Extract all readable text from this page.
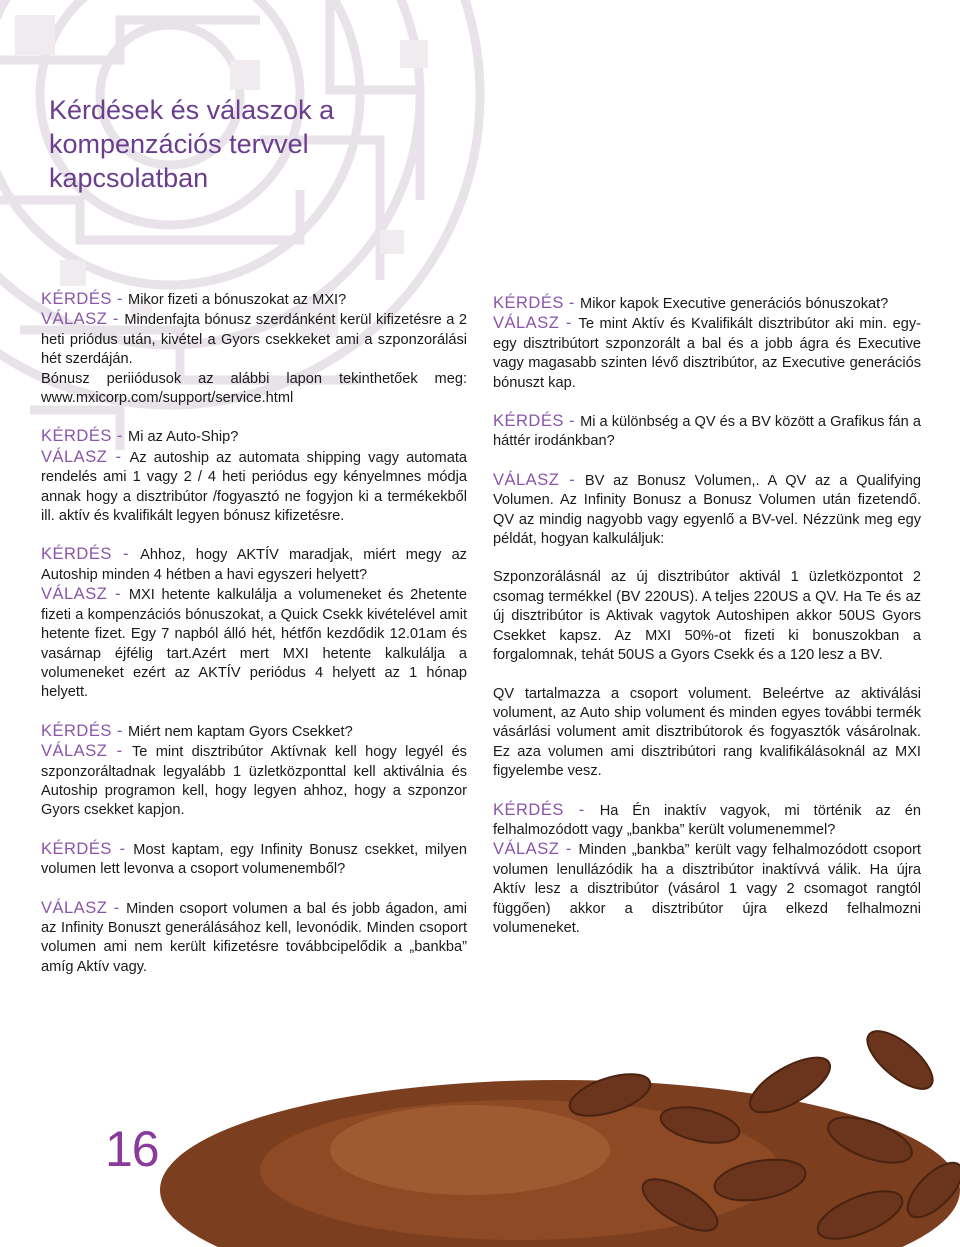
Kérdések és válaszok a
kompenzációs tervvel
kapcsolatban

KÉRDÉS - Mikor fizeti a bónuszokat az MXI?

VÁLASZ - Mindenfajta bónusz szerdánként kerül kifizetésre a 2 heti priódus után, kivétel a Gyors csekkeket ami a szponzorálási hét szerdáján.

Bónusz periiódusok az alábbi lapon tekinthetőek meg: www.mxicorp.com/support/service.html

KÉRDÉS - Mi az Auto-Ship?

VÁLASZ - Az autoship az automata shipping vagy automata rendelés ami 1 vagy 2 / 4 heti periódus egy kényelmnes módja annak hogy a disztribútor /fogyasztó ne fogyjon ki a termékekből ill. aktív és kvalifikált legyen bónusz kifizetésre.

KÉRDÉS - Ahhoz, hogy AKTÍV maradjak, miért megy az Autoship minden 4 hétben a havi egyszeri helyett?

VÁLASZ - MXI hetente kalkulálja a volumeneket és 2hetente fizeti a kompenzációs bónuszokat, a Quick Csekk kivételével amit hetente fizet. Egy 7 napból álló hét, hétfőn kezdődik 12.01am és vasárnap éjfélig tart.Azért mert MXI hetente kalkulálja a volumeneket ezért az AKTÍV periódus 4 helyett az 1 hónap helyett.

KÉRDÉS - Miért nem kaptam Gyors Csekket?

VÁLASZ - Te mint disztribútor Aktívnak kell hogy legyél és szponzoráltadnak legyalább 1 üzletközponttal kell aktiválnia és Autoship programon kell, hogy legyen ahhoz, hogy a szponzor Gyors csekket kapjon.

KÉRDÉS - Most kaptam, egy Infinity Bonusz csekket, milyen volumen lett levonva a csoport volumenemből?

VÁLASZ - Minden csoport volumen a bal és jobb ágadon, ami az Infinity Bonuszt generálásához kell, levonódik. Minden csoport volumen ami nem került kifizetésre továbbcipelődik a „bankba” amíg Aktív vagy.

KÉRDÉS - Mikor kapok Executive generációs bónuszokat?

VÁLASZ - Te mint Aktív és Kvalifikált disztribútor aki min. egy-egy disztribútort szponzorált a bal és a jobb ágra és Executive vagy magasabb szinten lévő disztribútor, az Executive generációs bónuszt kap.

KÉRDÉS - Mi a különbség a QV és a BV között a Grafikus fán a háttér irodánkban?

VÁLASZ - BV az Bonusz Volumen,. A QV az a Qualifying Volumen. Az Infinity Bonusz a Bonusz Volumen után fizetendő. QV az mindig nagyobb vagy egyenlő a BV-vel. Nézzünk meg egy példát, hogyan kalkuláljuk:

Szponzorálásnál az új disztribútor aktivál 1 üzletközpontot 2 csomag termékkel (BV 220US). A teljes 220US a QV. Ha Te és az új disztribútor is Aktivak vagytok Autoshipen akkor 50US Gyors Csekket kapsz. Az MXI 50%-ot fizeti ki bonuszokban a forgalomnak, tehát 50US a Gyors Csekk és a 120 lesz a BV.

QV tartalmazza a csoport volument. Beleértve az aktiválási volument, az Auto ship volument és minden egyes további termék vásárlási volument amit disztribútorok és fogyasztók vásárolnak. Ez aza volumen ami disztribútori rang kvalifikálásoknál az MXI figyelembe vesz.

KÉRDÉS - Ha Én inaktív vagyok, mi történik az én felhalmozódott vagy „bankba” került volumenemmel?

VÁLASZ - Minden „bankba” került vagy felhalmozódott csoport volumen lenullázódik ha a disztribútor inaktívvá válik. Ha újra Aktív lesz a disztribútor (vásárol 1 vagy 2 csomagot rangtól függően) akkor a disztribútor újra elkezd felhalmozni volumeneket.

16
